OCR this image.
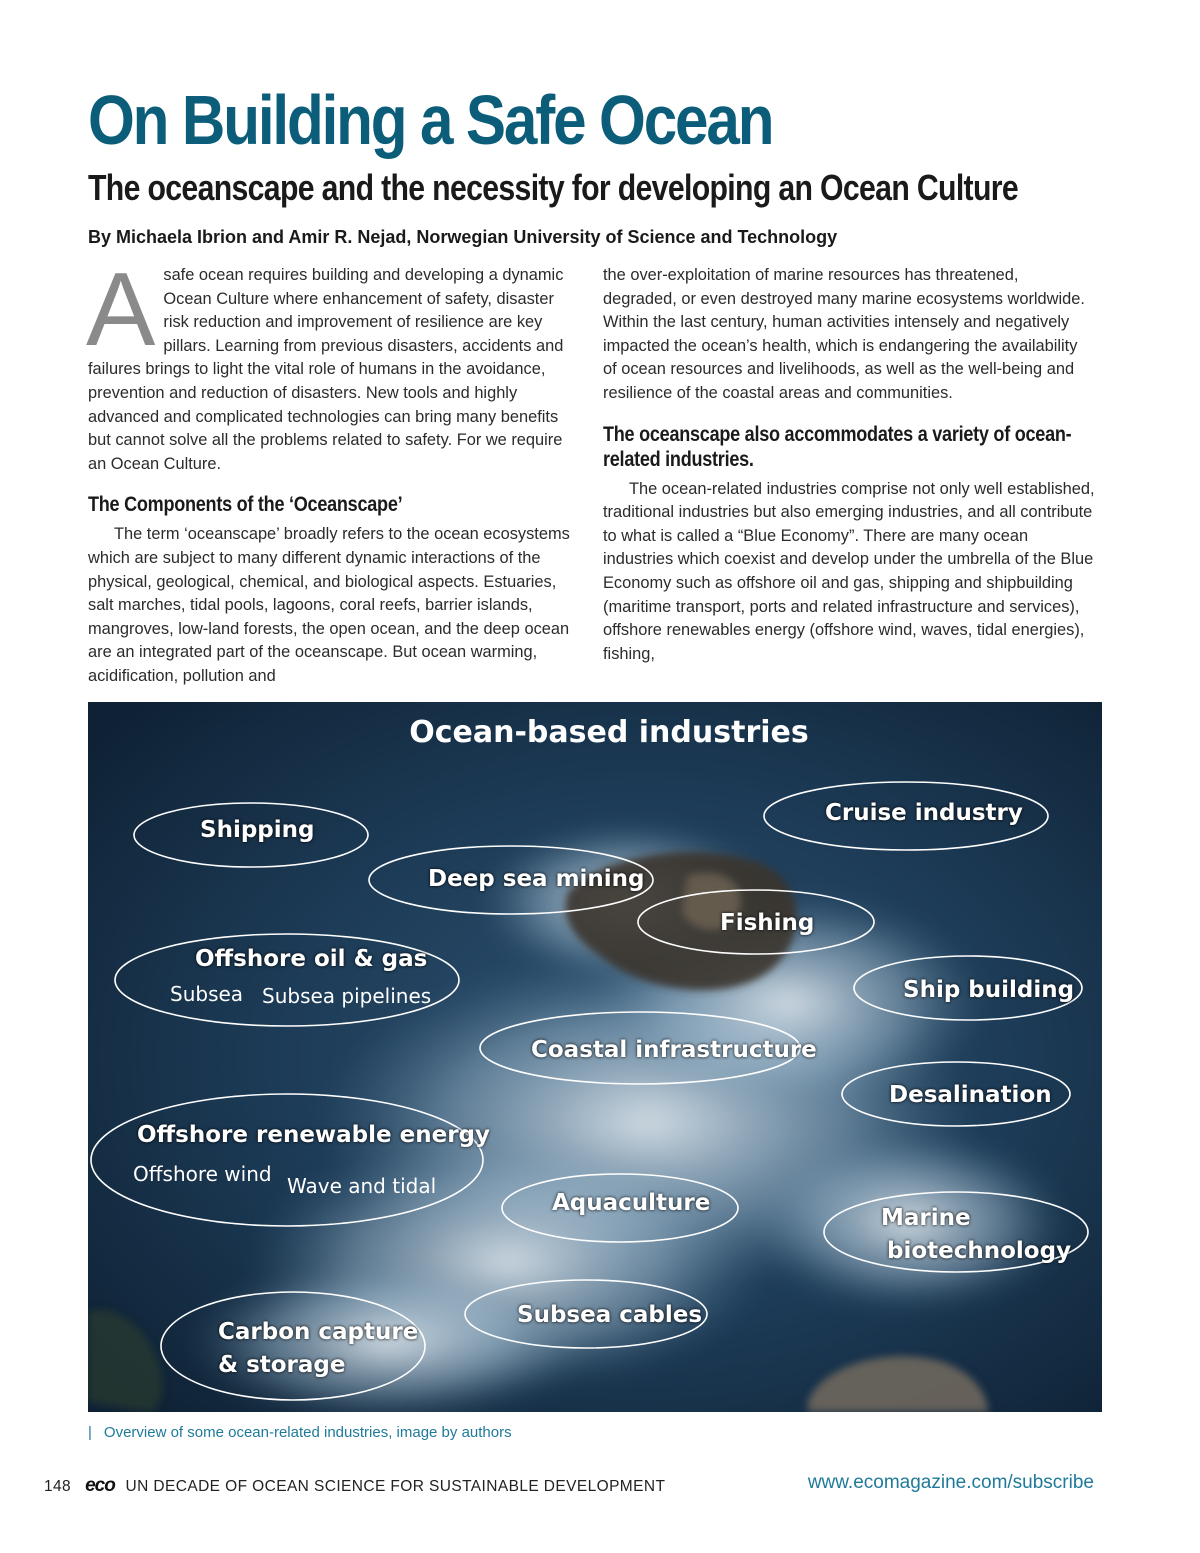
On Building a Safe Ocean
The oceanscape and the necessity for developing an Ocean Culture
By Michaela Ibrion and Amir R. Nejad, Norwegian University of Science and Technology

A safe ocean requires building and developing a dynamic Ocean Culture where enhancement of safety, disaster risk reduction and improvement of resilience are key pillars. Learning from previous disasters, accidents and failures brings to light the vital role of humans in the avoidance, prevention and reduction of disasters. New tools and highly advanced and complicated technologies can bring many benefits but cannot solve all the problems related to safety. For we require an Ocean Culture.

The Components of the ‘Oceanscape’

The term ‘oceanscape’ broadly refers to the ocean ecosystems which are subject to many different dynamic interactions of the physical, geological, chemical, and biological aspects. Estuaries, salt marches, tidal pools, lagoons, coral reefs, barrier islands, mangroves, low-land forests, the open ocean, and the deep ocean are an integrated part of the oceanscape. But ocean warming, acidification, pollution and

the over-exploitation of marine resources has threatened, degraded, or even destroyed many marine ecosystems worldwide. Within the last century, human activities intensely and negatively impacted the ocean’s health, which is endangering the availability of ocean resources and livelihoods, as well as the well-being and resilience of the coastal areas and communities.

The oceanscape also accommodates a variety of ocean-related industries.

The ocean-related industries comprise not only well established, traditional industries but also emerging industries, and all contribute to what is called a “Blue Economy”. There are many ocean industries which coexist and develop under the umbrella of the Blue Economy such as offshore oil and gas, shipping and shipbuilding (maritime transport, ports and related infrastructure and services), offshore renewables energy (offshore wind, waves, tidal energies), fishing,

Ocean-based industries
Shipping
Deep sea mining
Cruise industry
Fishing
Offshore oil & gas
Subsea Subsea pipelines	Ship building
Coastal infrastructure
Desalination
Offshore renewable energy
Offshore wind Wave and tidal
Aquaculture
Marine
biotechnology
Subsea cables
Carbon capture
& storage
| Overview of some ocean-related industries, image by authors
148 eco UN DECADE OF OCEAN SCIENCE FOR SUSTAINABLE DEVELOPMENT	www.ecomagazine.com/subscribe
